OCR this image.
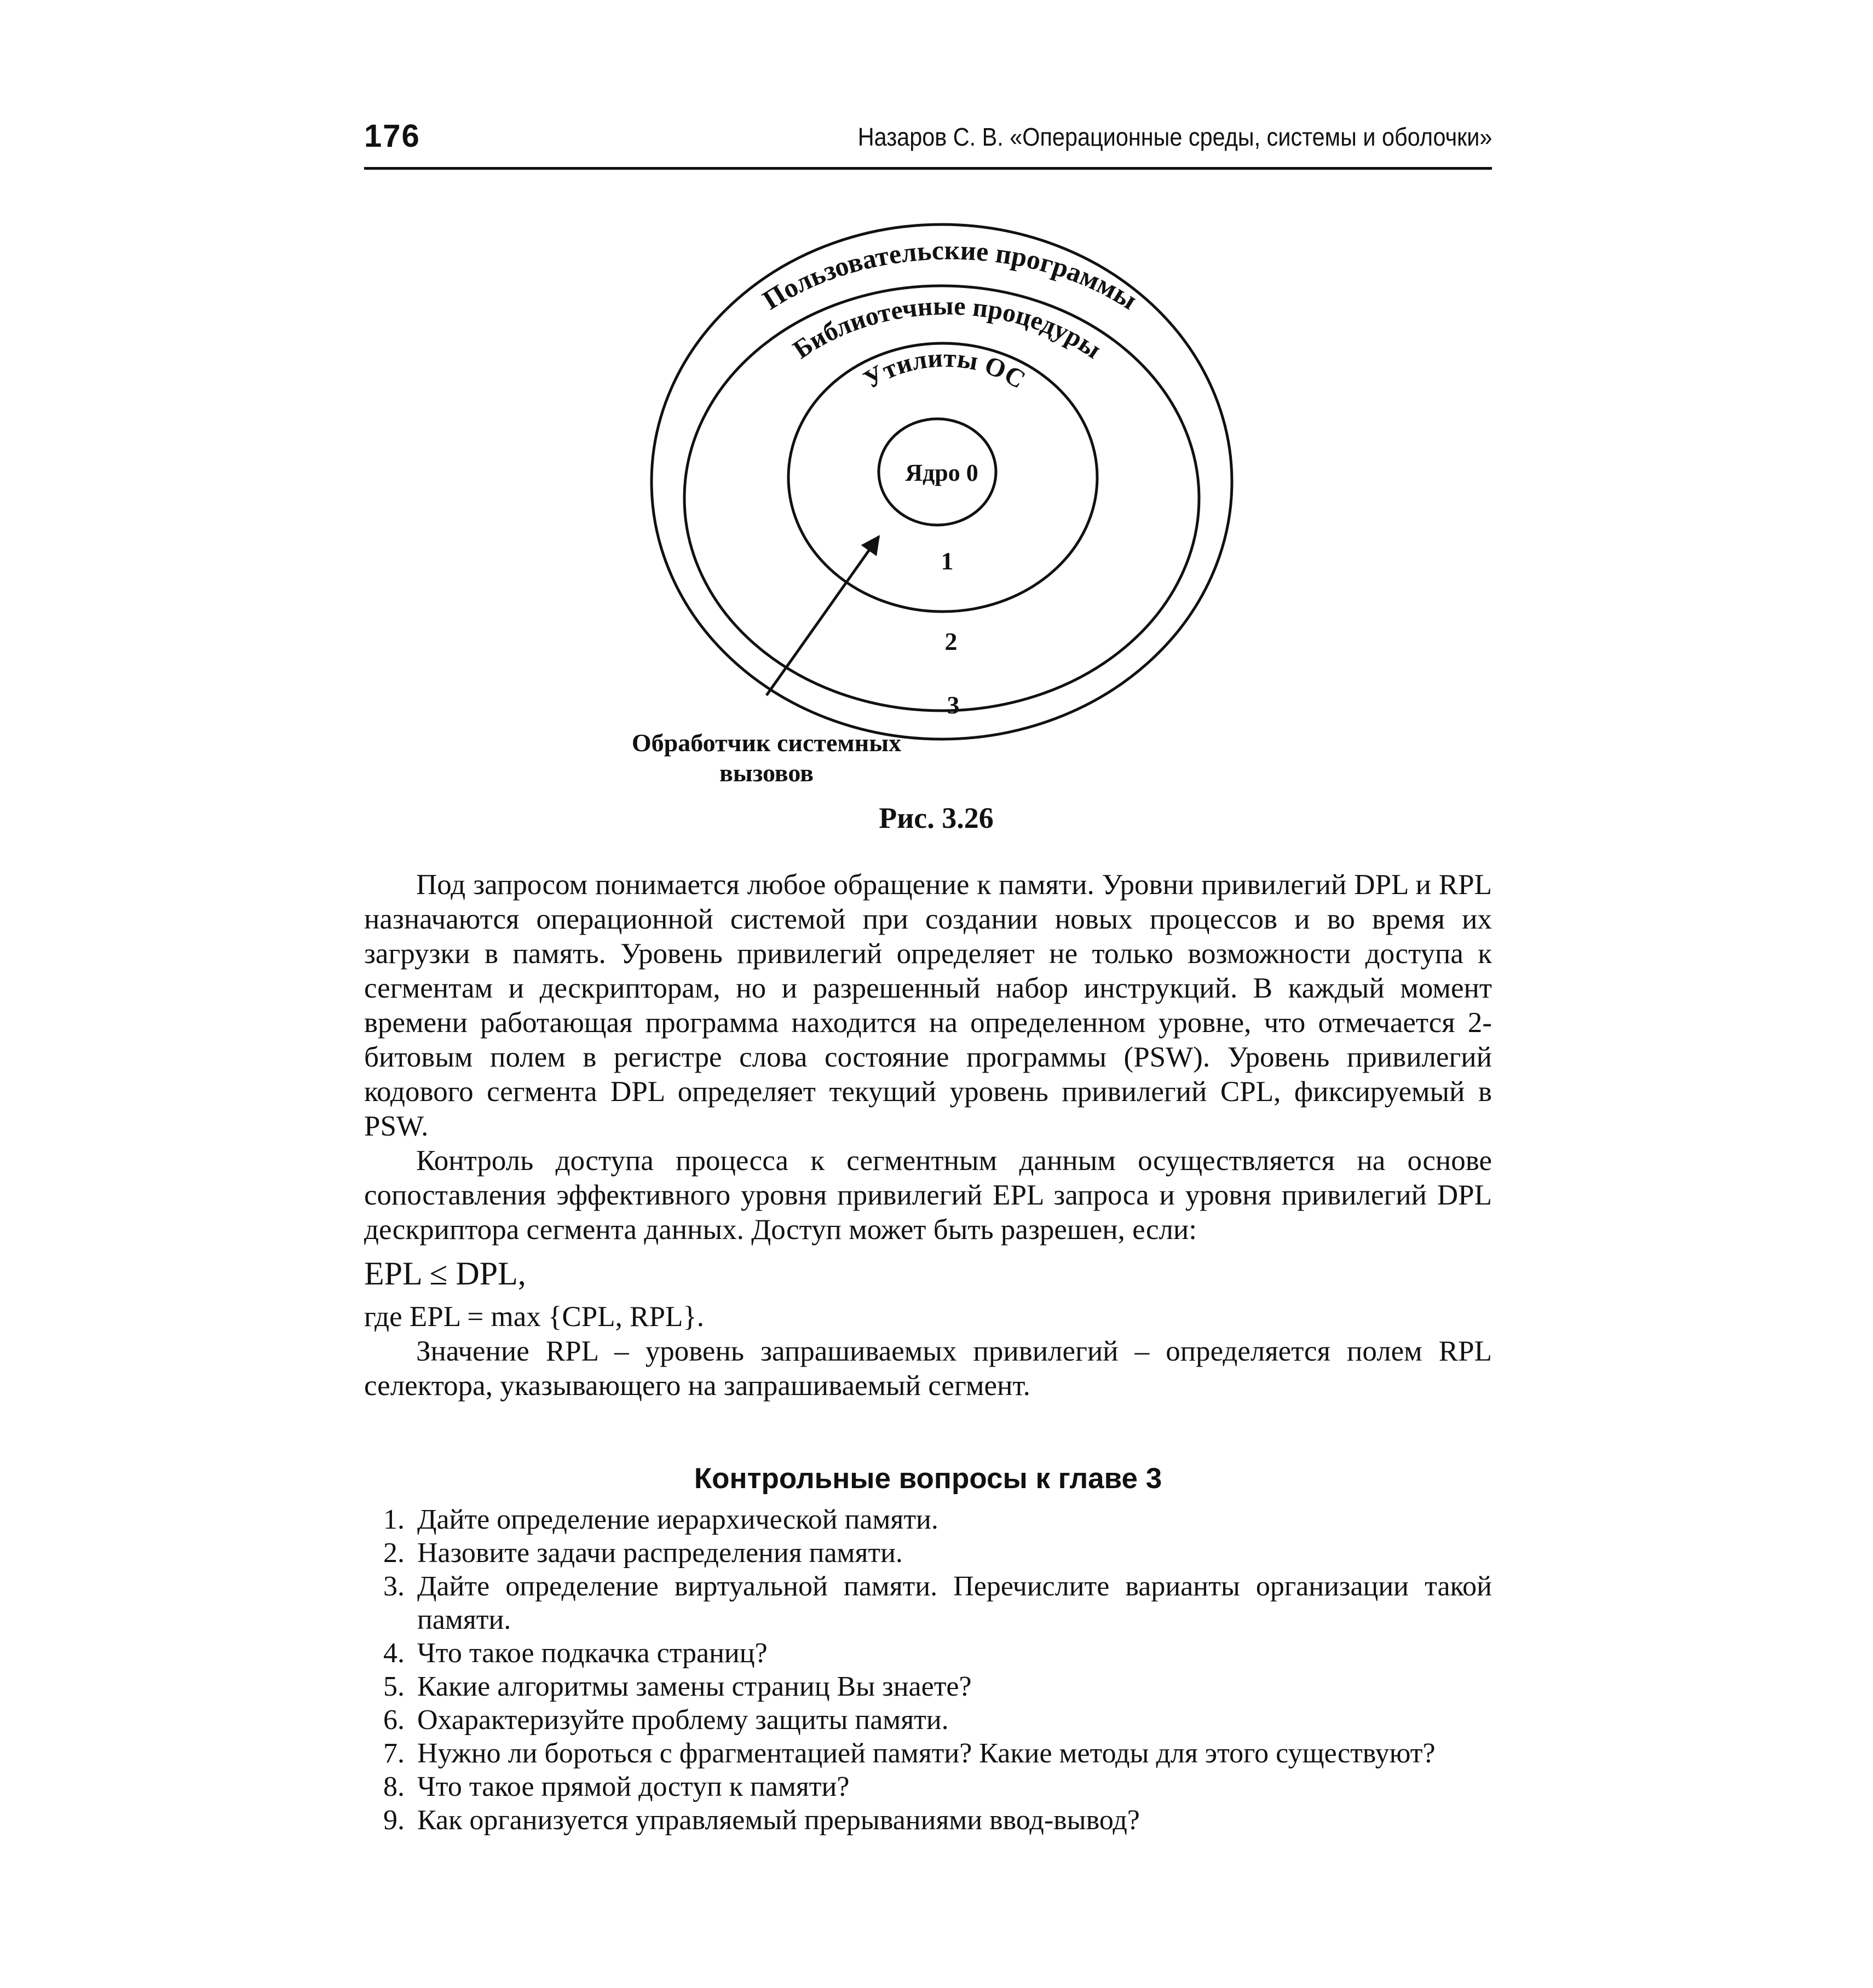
176	Назаров С. В. «Операционные среды, системы и оболочки»
Пользовательские программы
Библиотечные процедуры
Утилиты ОС
Ядро 0
1
2
3
Обработчик системных
вызовов
Рис. 3.26

Под запросом понимается любое обращение к памяти. Уровни привилегий DPL и RPL назначаются операционной системой при создании новых процессов и во время их загрузки в память. Уровень привилегий определяет не только возможности доступа к сегментам и дескрипторам, но и разрешенный набор инструкций. В каждый момент времени работающая программа находится на определенном уровне, что отмечается 2-битовым полем в регистре слова состояние программы (PSW). Уровень привилегий кодового сегмента DPL определяет текущий уровень привилегий CPL, фиксируемый в PSW.

Контроль доступа процесса к сегментным данным осуществляется на основе сопоставления эффективного уровня привилегий EPL запроса и уровня привилегий DPL дескриптора сегмента данных. Доступ может быть разрешен, если:

EPL ≤ DPL,

где EPL = max {CPL, RPL}.

Значение RPL – уровень запрашиваемых привилегий – определяется полем RPL селектора, указывающего на запрашиваемый сегмент.

Контрольные вопросы к главе 3
1. Дайте определение иерархической памяти.
2. Назовите задачи распределения памяти.
3. Дайте определение виртуальной памяти. Перечислите варианты организации такой памяти.
4. Что такое подкачка страниц?
5. Какие алгоритмы замены страниц Вы знаете?
6. Охарактеризуйте проблему защиты памяти.
7. Нужно ли бороться с фрагментацией памяти? Какие методы для этого существуют?
8. Что такое прямой доступ к памяти?
9. Как организуется управляемый прерываниями ввод-вывод?
